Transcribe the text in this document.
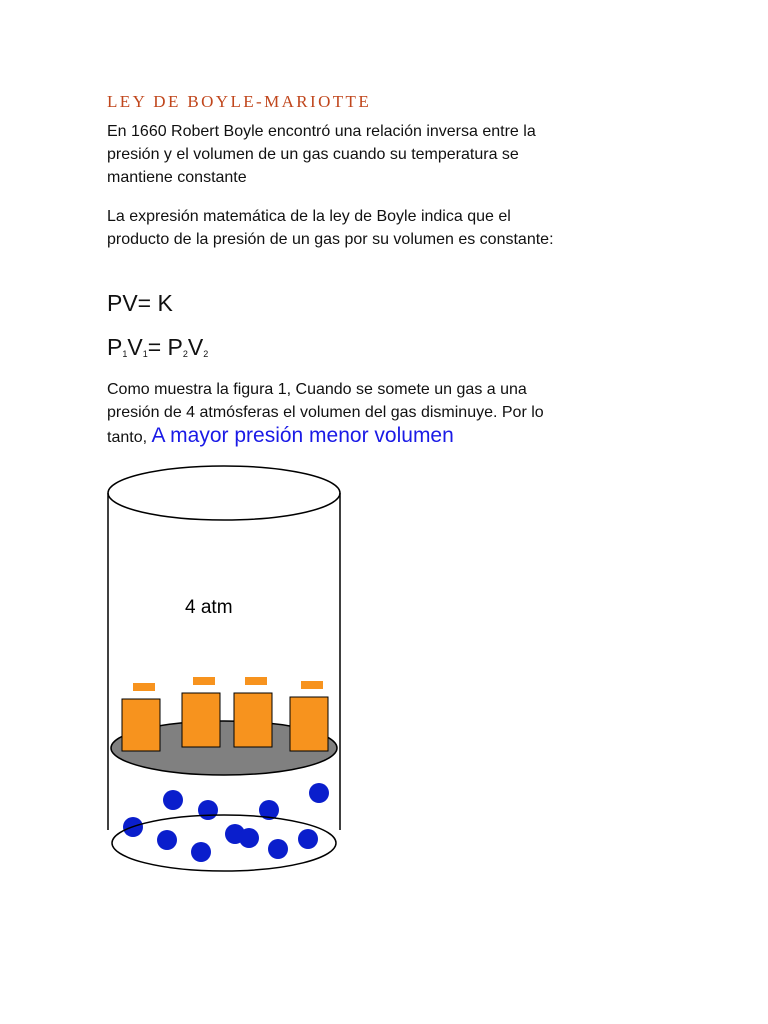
LEY DE BOYLE-MARIOTTE

En 1660 Robert Boyle encontró una relación inversa entre la presión y el volumen de un gas cuando su temperatura se mantiene constante

La expresión matemática de la ley de Boyle indica que el producto de la presión de un gas por su volumen es constante:

PV= K

$P_1V_1= P_2V_2$

Como muestra la figura 1, Cuando se somete un gas a una presión de 4 atmósferas el volumen del gas disminuye. Por lo tanto, A mayor presión menor volumen

4 atm
